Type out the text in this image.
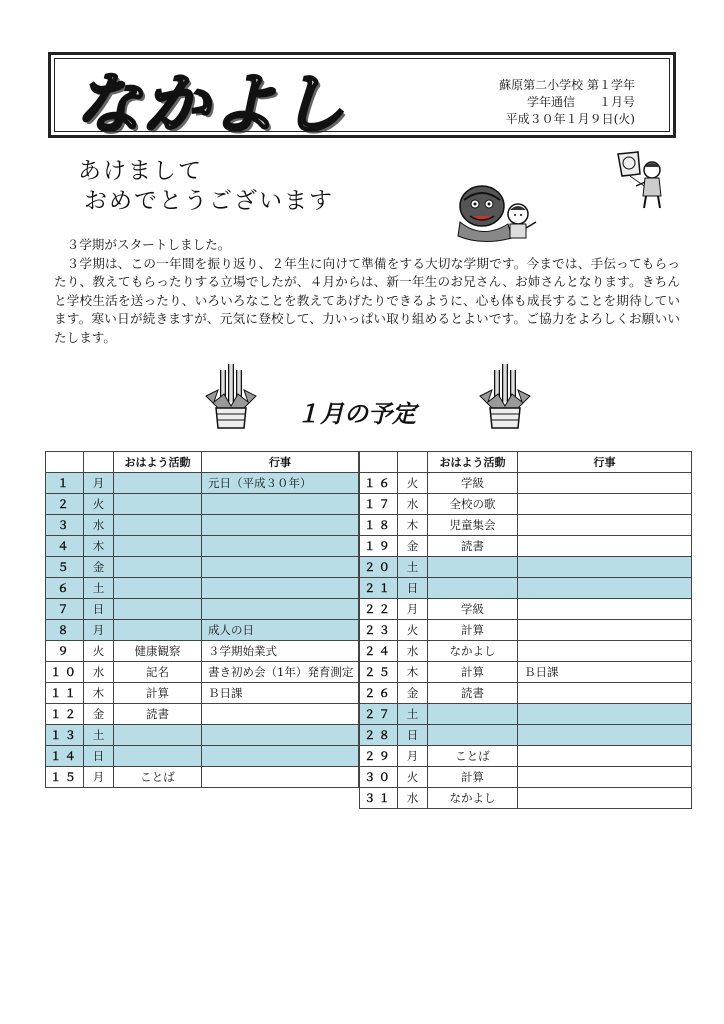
なかよし	蘇原第二小学校 第１学年
学年通信　　１月号
平成３０年１月９日(火)
あけまして
おめでとうございます

３学期がスタートしました。

３学期は、この一年間を振り返り、２年生に向けて準備をする大切な学期です。今までは、手伝ってもらったり、教えてもらったりする立場でしたが、４月からは、新一年生のお兄さん、お姉さんとなります。きちんと学校生活を送ったり、いろいろなことを教えてあげたりできるように、心も体も成長することを期待しています。寒い日が続きますが、元気に登校して、力いっぱい取り組めるとよいです。ご協力をよろしくお願いいたします。

１月の予定
		おはよう活動	行事
１	月		元日（平成３０年）
２	火		
３	水		
４	木		
５	金		
６	土		
７	日		
８	月		成人の日
９	火	健康観察	３学期始業式
１０	水	記名	書き初め会（1年）発育測定
１１	木	計算	Ｂ日課
１２	金	読書	
１３	土		
１４	日		
１５	月	ことば	
		おはよう活動	行事
１６	火	学級	
１７	水	全校の歌	
１８	木	児童集会	
１９	金	読書	
２０	土		
２１	日		
２２	月	学級	
２３	火	計算	
２４	水	なかよし	
２５	木	計算	Ｂ日課
２６	金	読書	
２７	土		
２８	日		
２９	月	ことば	
３０	火	計算	
３１	水	なかよし	
